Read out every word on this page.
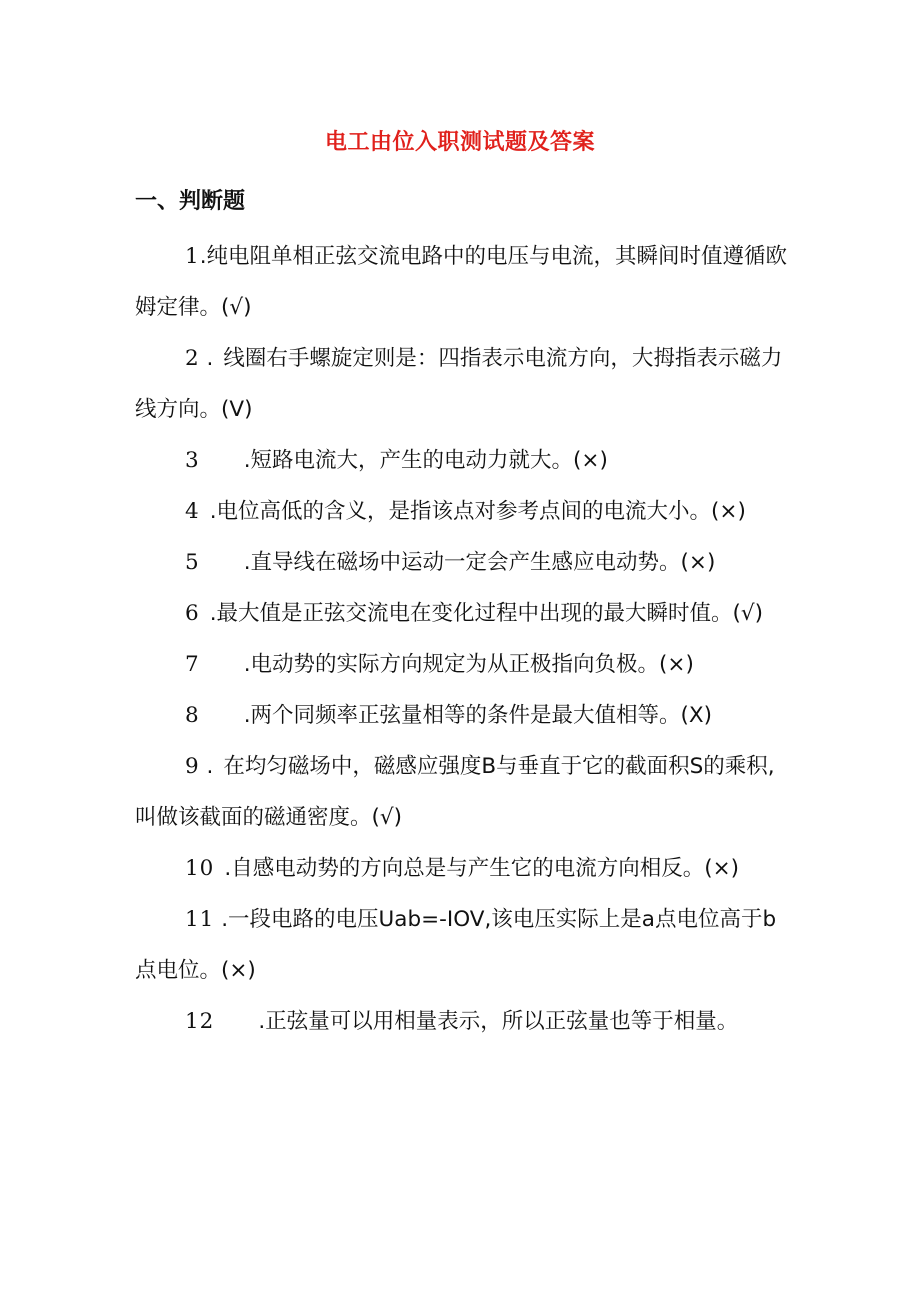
电工由位入职测试题及答案
一、判断题
1.纯电阻单相正弦交流电路中的电压与电流，其瞬间时值遵循欧姆定律。(√)
2 . 线圈右手螺旋定则是：四指表示电流方向，大拇指表示磁力线方向。(V)
3 .短路电流大，产生的电动力就大。(×)
4 .电位高低的含义，是指该点对参考点间的电流大小。(×)
5 .直导线在磁场中运动一定会产生感应电动势。(×)
6 .最大值是正弦交流电在变化过程中出现的最大瞬时值。(√)
7 .电动势的实际方向规定为从正极指向负极。(×)
8 .两个同频率正弦量相等的条件是最大值相等。(X)
9 . 在均匀磁场中，磁感应强度B与垂直于它的截面积S的乘积,叫做该截面的磁通密度。(√)
10 .自感电动势的方向总是与产生它的电流方向相反。(×)
11 .一段电路的电压Uab=-IOV,该电压实际上是a点电位高于b点电位。(×)
12 .正弦量可以用相量表示，所以正弦量也等于相量。
